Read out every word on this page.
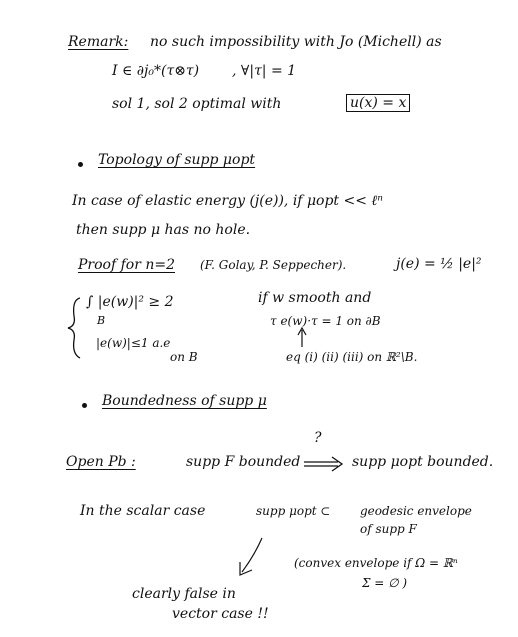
Remark: no such impossibility with Jo (Michell) as
I ∈ ∂j₀*(τ⊗τ) , ∀|τ| = 1
sol 1, sol 2 optimal with	u(x) = x
Topology of supp μopt
In case of elastic energy (j(e)), if μopt << ℓⁿ
then supp μ has no hole.
Proof for n=2 (F. Golay, P. Seppecher).	j(e) = ½ |e|²
∫ |e(w)|² ≥ 2
B
|e(w)|≤1 a.e
on B
if w smooth and
τ e(w)·τ = 1 on ∂B
eq (i) (ii) (iii) on ℝ²\B.
Boundedness of supp μ
Open Pb :	supp F bounded
?
supp μopt bounded.
In the scalar case	supp μopt ⊂ geodesic envelope
of supp F
(convex envelope if Ω = ℝⁿ
Σ = ∅ )
clearly false in
vector case !!
